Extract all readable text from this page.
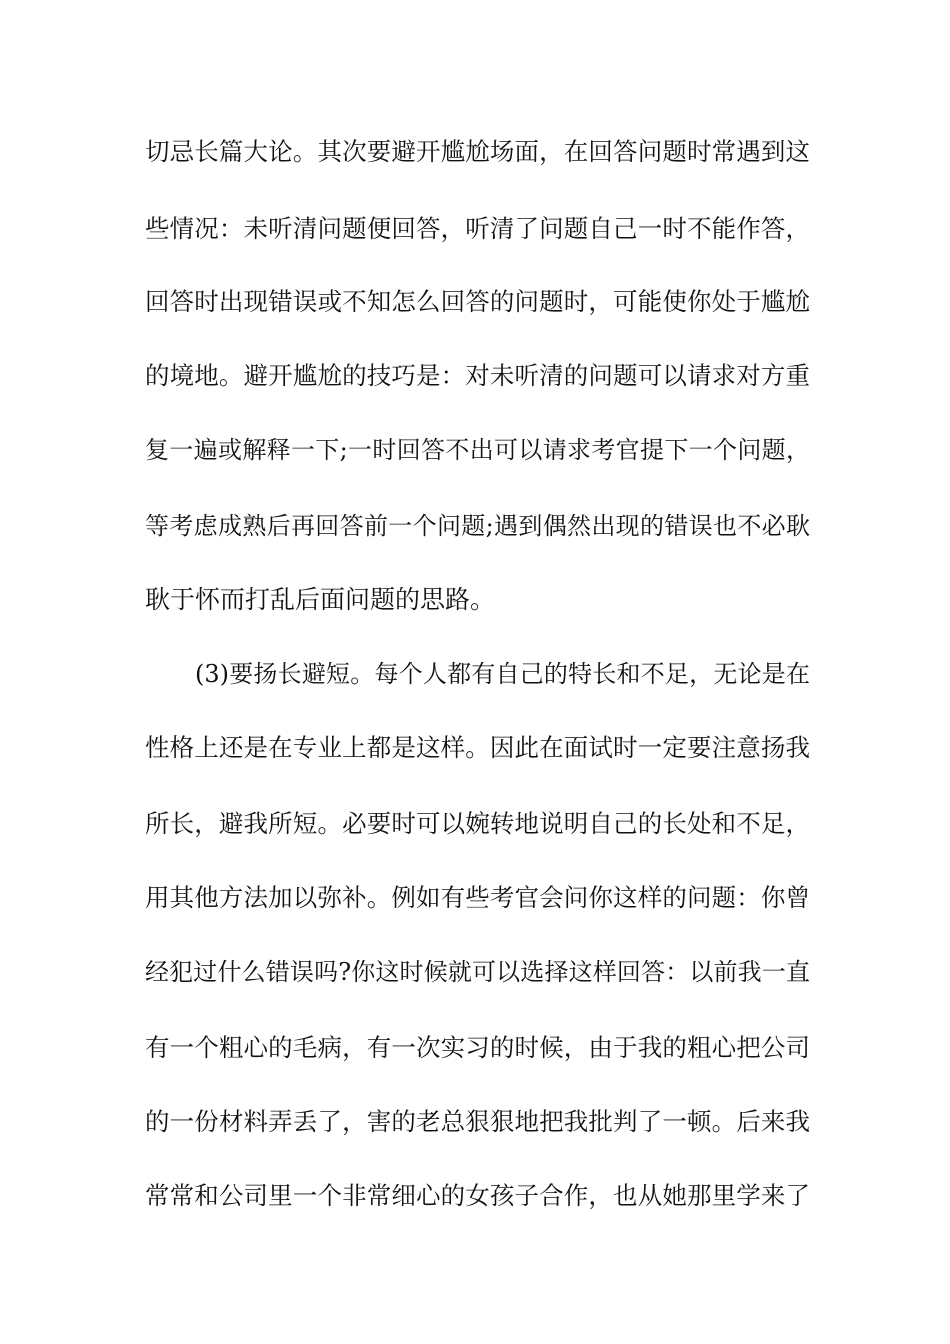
切忌长篇大论。其次要避开尴尬场面，在回答问题时常遇到这
些情况：未听清问题便回答，听清了问题自己一时不能作答，
回答时出现错误或不知怎么回答的问题时，可能使你处于尴尬
的境地。避开尴尬的技巧是：对未听清的问题可以请求对方重
复一遍或解释一下;一时回答不出可以请求考官提下一个问题，
等考虑成熟后再回答前一个问题;遇到偶然出现的错误也不必耿
耿于怀而打乱后面问题的思路。
(3)要扬长避短。每个人都有自己的特长和不足，无论是在
性格上还是在专业上都是这样。因此在面试时一定要注意扬我
所长，避我所短。必要时可以婉转地说明自己的长处和不足，
用其他方法加以弥补。例如有些考官会问你这样的问题：你曾
经犯过什么错误吗?你这时候就可以选择这样回答：以前我一直
有一个粗心的毛病，有一次实习的时候，由于我的粗心把公司
的一份材料弄丢了，害的老总狠狠地把我批判了一顿。后来我
常常和公司里一个非常细心的女孩子合作，也从她那里学来了
